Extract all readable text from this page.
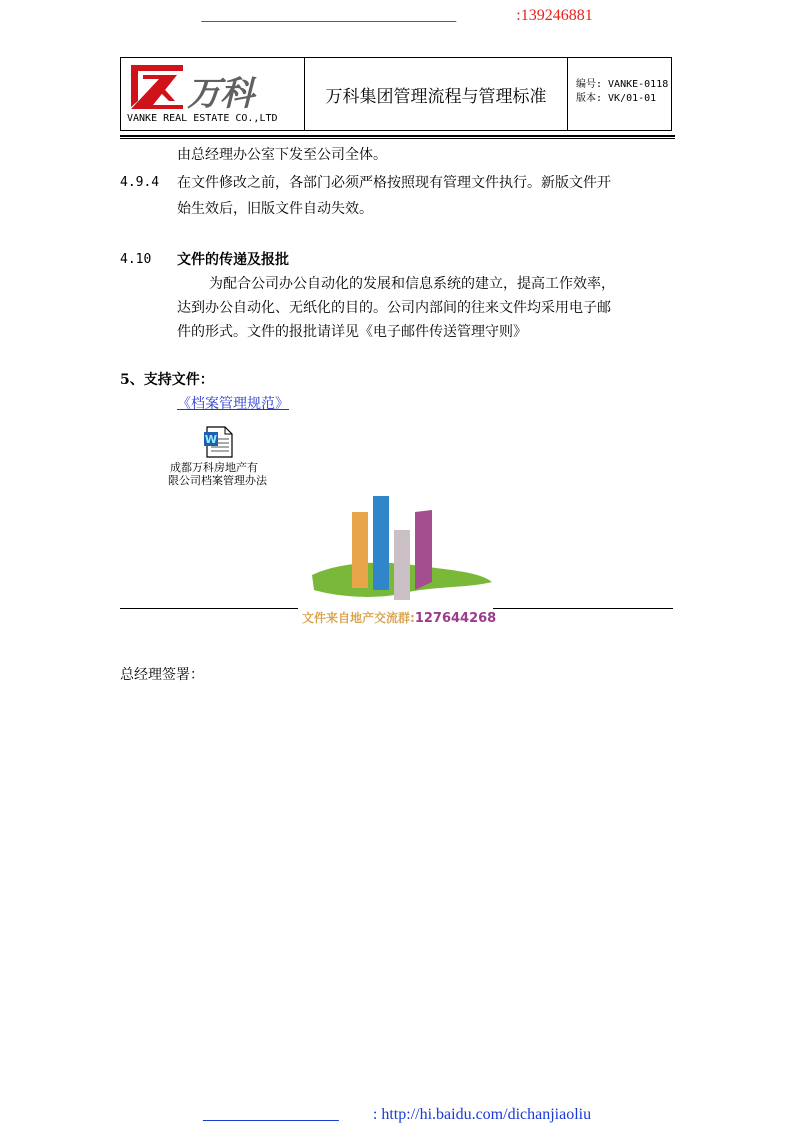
　　　　　　　　　　　　　　　:139246881
万科
VANKE REAL ESTATE CO.,LTD
万科集团管理流程与管理标准
编号: VANKE-0118
版本: VK/01-01
由总经理办公室下发至公司全体。
4.9.4 在文件修改之前，各部门必须严格按照现有管理文件执行。新版文件开
始生效后，旧版文件自动失效。
4.10 文件的传递及报批
为配合公司办公自动化的发展和信息系统的建立，提高工作效率，
达到办公自动化、无纸化的目的。公司内部间的往来文件均采用电子邮
件的形式。文件的报批请详见《电子邮件传送管理守则》
5、支持文件：
《档案管理规范》
W
成都万科房地产有
限公司档案管理办法
文件来自地产交流群:127644268
总经理签署：
　　　　　　　　: http://hi.baidu.com/dichanjiaoliu
